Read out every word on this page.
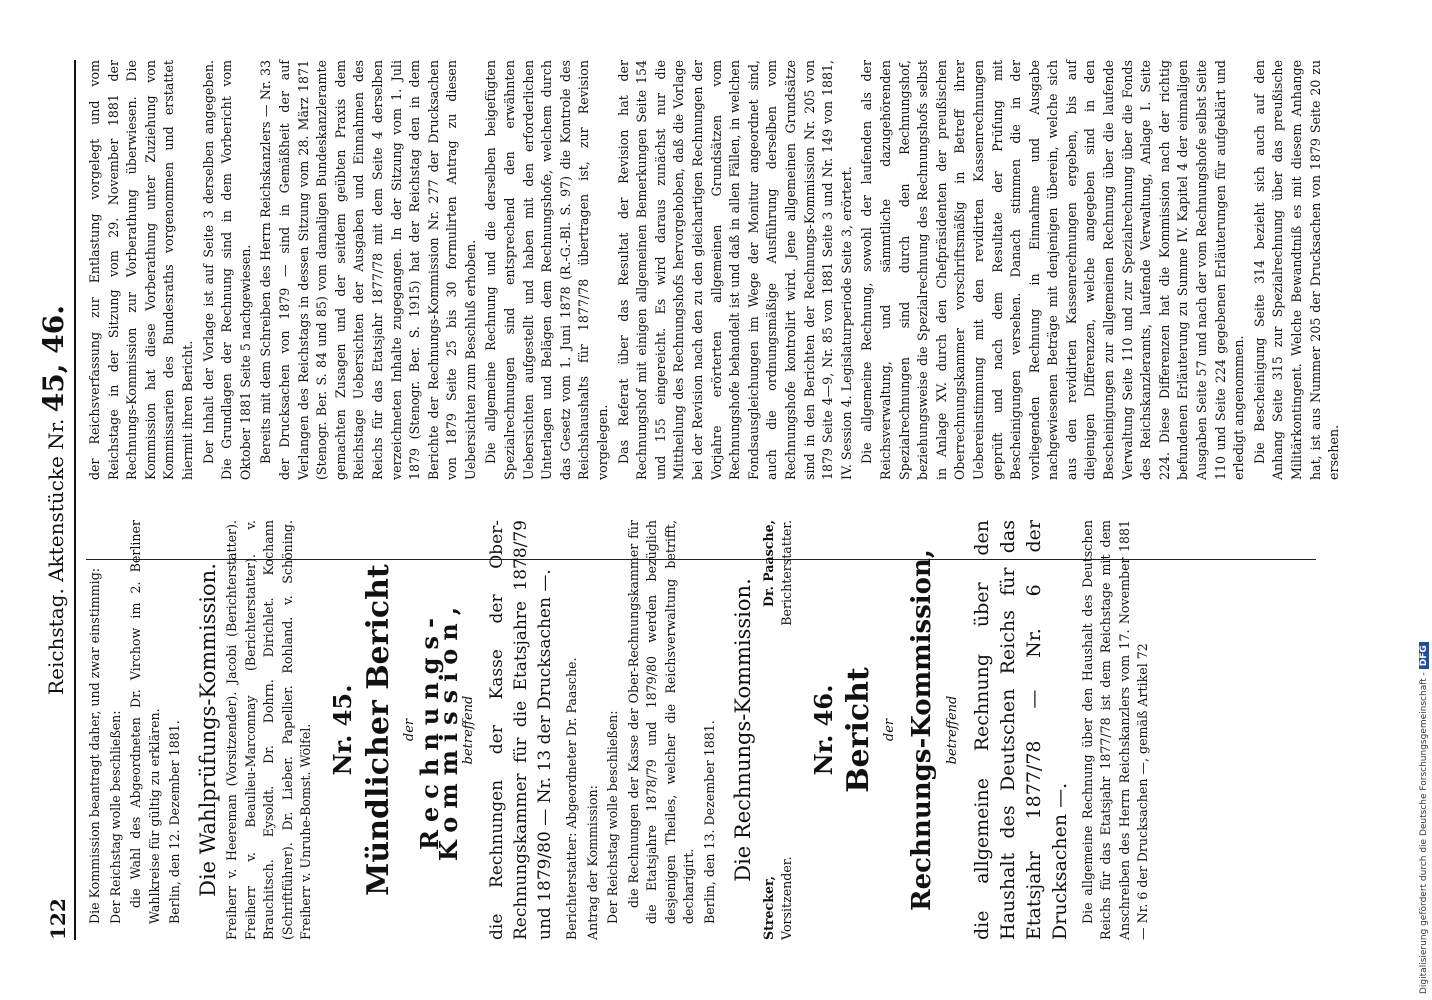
122
Reichstag. Aktenstücke Nr. 45, 46.

Die Kommission beantragt daher, und zwar einstimmig: Der Reichstag wolle beschließen: die Wahl des Abgeordneten Dr. Virchow im 2. Berliner Wahlkreise für gültig zu erklären. Berlin, den 12. Dezember 1881. Die Wahlprüfungs-Kommission. Freiherr v. Heereman (Vorsitzender). Jacobi (Berichterstatter). Freiherr v. Beaulieu-Marconnay (Berichterstatter). v. Brauchitsch. Eysoldt. Dr. Dohrn. Dirichlet. Kochann (Schriftführer). Dr. Lieber. Papellier. Rohland. v. Schöning. Freiherr v. Unruhe-Bomst. Wölfel. Nr. 45. Mündlicher Bericht der

Rechnungs-Kommission,

betreffend die Rechnungen der Kasse der Ober-Rechnungskammer für die Etatsjahre 1878/79 und 1879/80 — Nr. 13 der Drucksachen —. Berichterstatter: Abgeordneter Dr. Paasche. Antrag der Kommission: Der Reichstag wolle beschließen: die Rechnungen der Kasse der Ober-Rechnungskammer für die Etatsjahre 1878/79 und 1879/80 werden bezüglich desjenigen Theiles, welcher die Reichsverwaltung betrifft, decharigirt. Berlin, den 13. Dezember 1881. Die Rechnungs-Kommission.

Strecker, Vorsitzender.
Dr. Paasche, Berichterstatter.

Nr. 46. Bericht der Rechnungs-Kommission, betreffend die allgemeine Rechnung über den Haushalt des Deutschen Reichs für das Etatsjahr 1877/78 — Nr. 6 der Drucksachen —. Die allgemeine Rechnung über den Haushalt des Deutschen Reichs für das Etatsjahr 1877/78 ist dem Reichstage mit dem Anschreiben des Herrn Reichskanzlers vom 17. November 1881 — Nr. 6 der Drucksachen —, gemäß Artikel 72

der Reichsverfassung zur Entlastung vorgelegt und vom Reichstage in der Sitzung vom 29. November 1881 der Rechnungs-Kommission zur Vorberathung überwiesen. Die Kommission hat diese Vorberathung unter Zuziehung von Kommissarien des Bundesraths vorgenommen und erstattet hiermit ihren Bericht. Der Inhalt der Vorlage ist auf Seite 3 derselben angegeben. Die Grundlagen der Rechnung sind in dem Vorbericht vom Oktober 1881 Seite 5 nachgewiesen. Bereits mit dem Schreiben des Herrn Reichskanzlers — Nr. 33 der Drucksachen von 1879 — sind in Gemäßheit der auf Verlangen des Reichstags in dessen Sitzung vom 28. März 1871 (Stenogr. Ber. S. 84 und 85) vom damaligen Bundeskanzleramte gemachten Zusagen und der seitdem geübten Praxis dem Reichstage Uebersichten der Ausgaben und Einnahmen des Reichs für das Etatsjahr 1877/78 mit dem Seite 4 derselben verzeichneten Inhalte zugegangen. In der Sitzung vom 1. Juli 1879 (Stenogr. Ber. S. 1915) hat der Reichstag den in dem Berichte der Rechnungs-Kommission Nr. 277 der Drucksachen von 1879 Seite 25 bis 30 formulirten Antrag zu diesen Uebersichten zum Beschluß erhoben. Die allgemeine Rechnung und die derselben beigefügten Spezialrechnungen sind entsprechend den erwähnten Uebersichten aufgestellt und haben mit den erforderlichen Unterlagen und Belägen dem Rechnungshofe, welchem durch das Gesetz vom 1. Juni 1878 (R.-G.-Bl. S. 97) die Kontrole des Reichshaushalts für 1877/78 übertragen ist, zur Revision vorgelegen. Das Referat über das Resultat der Revision hat der Rechnungshof mit einigen allgemeinen Bemerkungen Seite 154 und 155 eingereicht. Es wird daraus zunächst nur die Mittheilung des Rechnungshofs hervorgehoben, daß die Vorlage bei der Revision nach den zu den gleichartigen Rechnungen der Vorjahre erörterten allgemeinen Grundsätzen vom Rechnungshofe behandelt ist und daß in allen Fällen, in welchen Fondsausgleichungen im Wege der Monitur angeordnet sind, auch die ordnungsmäßige Ausführung derselben vom Rechnungshofe kontrolirt wird. Jene allgemeinen Grundsätze sind in den Berichten der Rechnungs-Kommission Nr. 205 von 1879 Seite 4—9, Nr. 85 von 1881 Seite 3 und Nr. 149 von 1881, IV. Session 4. Legislaturperiode Seite 3, erörtert. Die allgemeine Rechnung, sowohl der laufenden als der Reichsverwaltung, und sämmtliche dazugehörenden Spezialrechnungen sind durch den Rechnungshof, beziehungsweise die Spezialrechnung des Rechnungshofs selbst in Anlage XV. durch den Chefpräsidenten der preußischen Oberrechnungskammer vorschriftsmäßig in Betreff ihrer Uebereinstimmung mit den revidirten Kassenrechnungen geprüft und nach dem Resultate der Prüfung mit Bescheinigungen versehen. Danach stimmen die in der vorliegenden Rechnung in Einnahme und Ausgabe nachgewiesenen Beträge mit denjenigen überein, welche sich aus den revidirten Kassenrechnungen ergeben, bis auf diejenigen Differenzen, welche angegeben sind in den Bescheinigungen zur allgemeinen Rechnung über die laufende Verwaltung Seite 110 und zur Spezialrechnung über die Fonds des Reichskanzleramts, laufende Verwaltung, Anlage I. Seite 224. Diese Differenzen hat die Kommission nach der richtig befundenen Erläuterung zu Summe IV. Kapitel 4 der einmaligen Ausgaben Seite 57 und nach der vom Rechnungshofe selbst Seite 110 und Seite 224 gegebenen Erläuterungen für aufgeklärt und erledigt angenommen. Die Bescheinigung Seite 314 bezieht sich auch auf den Anhang Seite 315 zur Spezialrechnung über das preußische Militärkontingent. Welche Bewandtniß es mit diesem Anhange hat, ist aus Nummer 205 der Drucksachen von 1879 Seite 20 zu ersehen.

Digitalisierung gefördert durch die Deutsche Forschungsgemeinschaft - DFG
